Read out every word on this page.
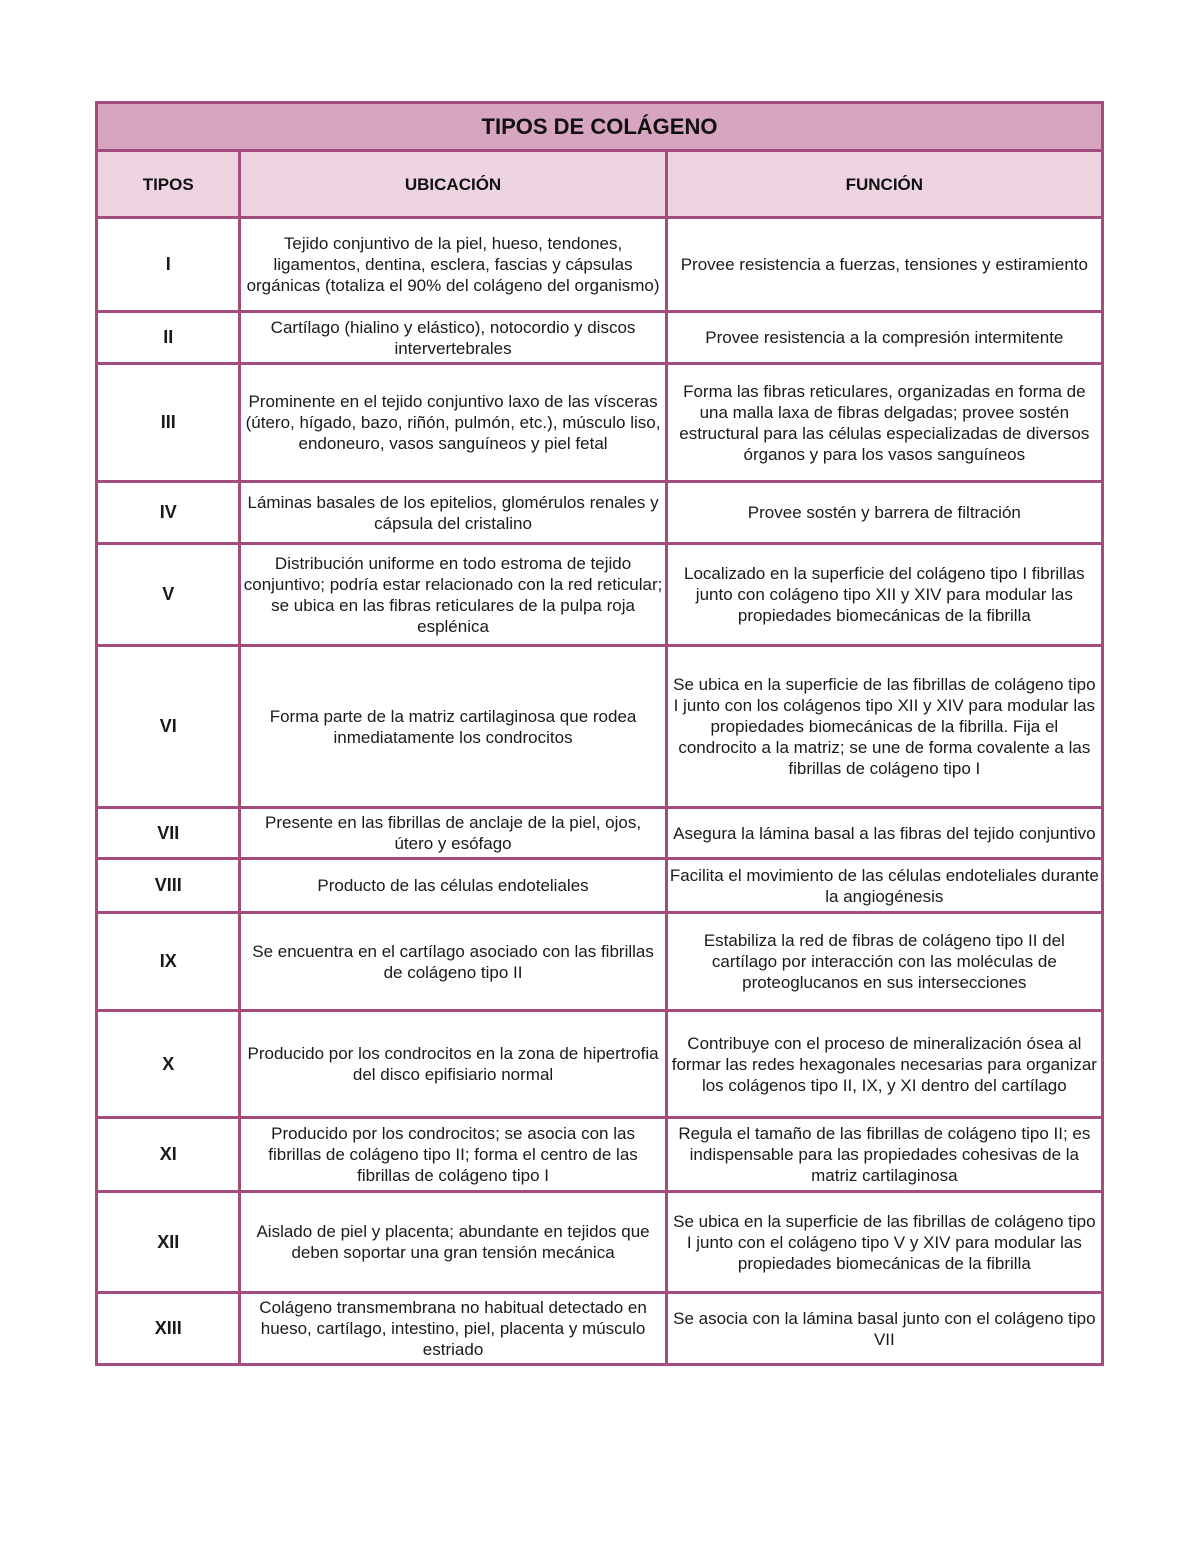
TIPOS DE COLÁGENO		
TIPOS	UBICACIÓN	FUNCIÓN
I	Tejido conjuntivo de la piel, hueso, tendones, ligamentos, dentina, esclera, fascias y cápsulas orgánicas (totaliza el 90% del colágeno del organismo)	Provee resistencia a fuerzas, tensiones y estiramiento
II	Cartílago (hialino y elástico), notocordio y discos intervertebrales	Provee resistencia a la compresión intermitente
III	Prominente en el tejido conjuntivo laxo de las vísceras (útero, hígado, bazo, riñón, pulmón, etc.), músculo liso, endoneuro, vasos sanguíneos y piel fetal	Forma las fibras reticulares, organizadas en forma de una malla laxa de fibras delgadas; provee sostén estructural para las células especializadas de diversos órganos y para los vasos sanguíneos
IV	Láminas basales de los epitelios, glomérulos renales y cápsula del cristalino	Provee sostén y barrera de filtración
V	Distribución uniforme en todo estroma de tejido conjuntivo; podría estar relacionado con la red reticular; se ubica en las fibras reticulares de la pulpa roja esplénica	Localizado en la superficie del colágeno tipo I fibrillas junto con colágeno tipo XII y XIV para modular las propiedades biomecánicas de la fibrilla
VI	Forma parte de la matriz cartilaginosa que rodea inmediatamente los condrocitos	Se ubica en la superficie de las fibrillas de colágeno tipo I junto con los colágenos tipo XII y XIV para modular las propiedades biomecánicas de la fibrilla. Fija el condrocito a la matriz; se une de forma covalente a las fibrillas de colágeno tipo I
VII	Presente en las fibrillas de anclaje de la piel, ojos, útero y esófago	Asegura la lámina basal a las fibras del tejido conjuntivo
VIII	Producto de las células endoteliales	Facilita el movimiento de las células endoteliales durante la angiogénesis
IX	Se encuentra en el cartílago asociado con las fibrillas de colágeno tipo II	Estabiliza la red de fibras de colágeno tipo II del cartílago por interacción con las moléculas de proteoglucanos en sus intersecciones
X	Producido por los condrocitos en la zona de hipertrofia del disco epifisiario normal	Contribuye con el proceso de mineralización ósea al formar las redes hexagonales necesarias para organizar los colágenos tipo II, IX, y XI dentro del cartílago
XI	Producido por los condrocitos; se asocia con las fibrillas de colágeno tipo II; forma el centro de las fibrillas de colágeno tipo I	Regula el tamaño de las fibrillas de colágeno tipo II; es indispensable para las propiedades cohesivas de la matriz cartilaginosa
XII	Aislado de piel y placenta; abundante en tejidos que deben soportar una gran tensión mecánica	Se ubica en la superficie de las fibrillas de colágeno tipo I junto con el colágeno tipo V y XIV para modular las propiedades biomecánicas de la fibrilla
XIII	Colágeno transmembrana no habitual detectado en hueso, cartílago, intestino, piel, placenta y músculo estriado	Se asocia con la lámina basal junto con el colágeno tipo VII
